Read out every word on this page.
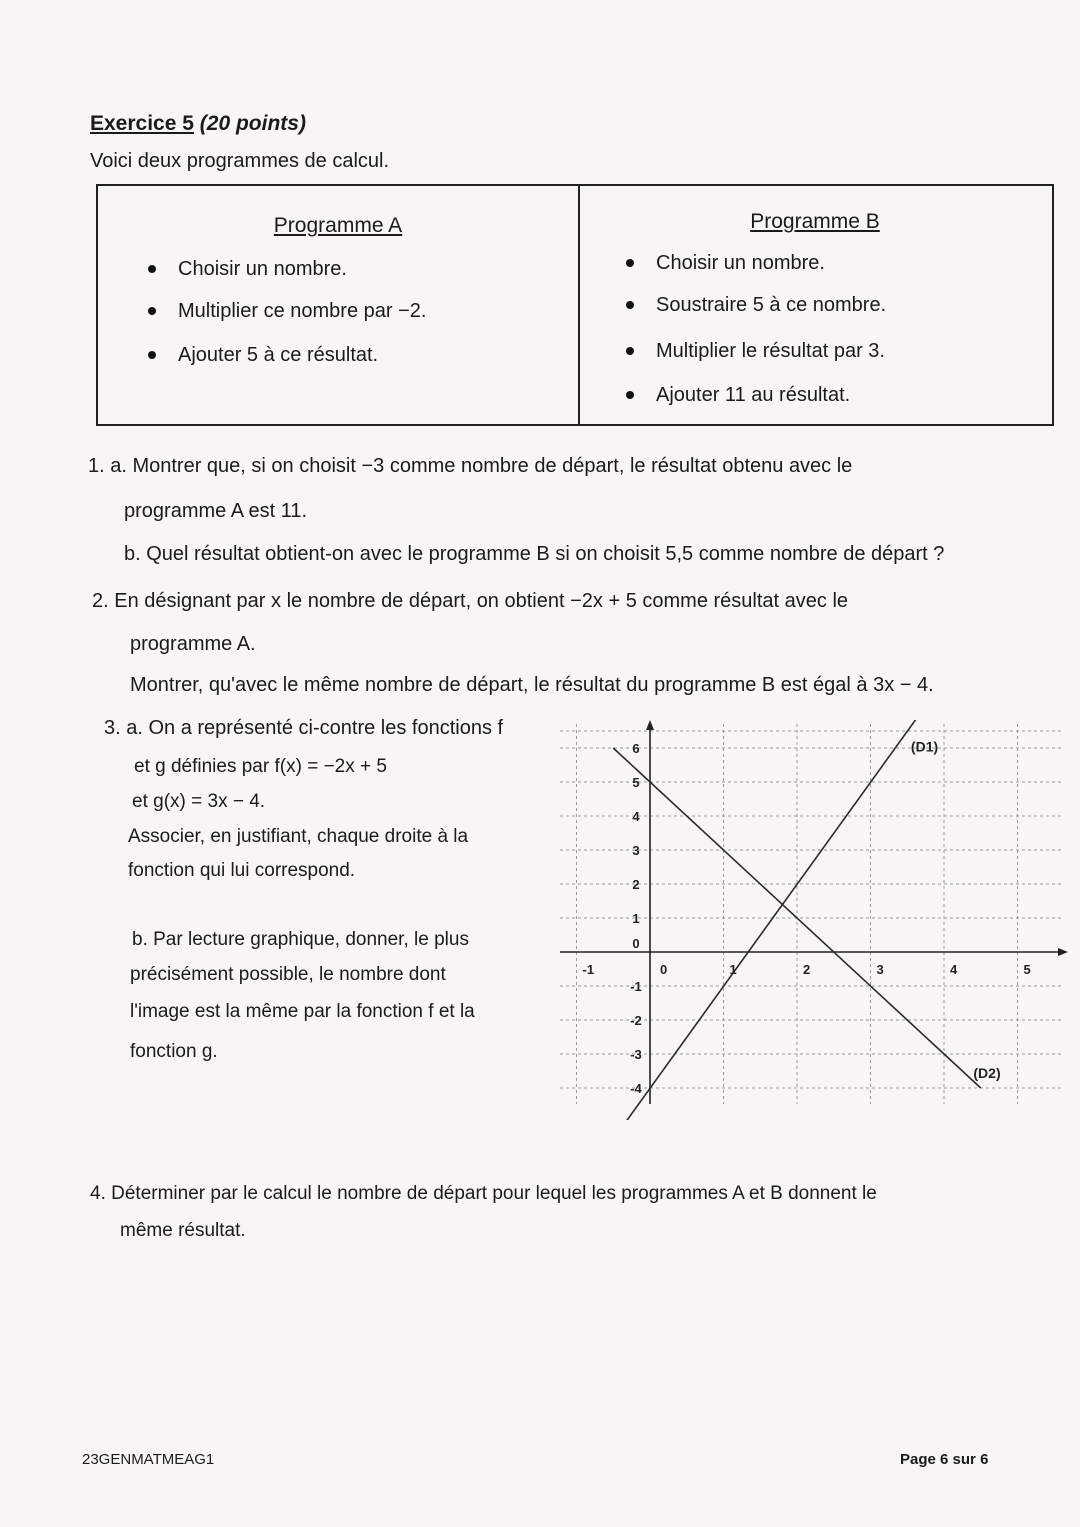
Exercice 5 (20 points)
Voici deux programmes de calcul.
Programme A
Choisir un nombre.
Multiplier ce nombre par −2.
Ajouter 5 à ce résultat.
Programme B
Choisir un nombre.
Soustraire 5 à ce nombre.
Multiplier le résultat par 3.
Ajouter 11 au résultat.
1. a. Montrer que, si on choisit −3 comme nombre de départ, le résultat obtenu avec le
programme A est 11.
b. Quel résultat obtient-on avec le programme B si on choisit 5,5 comme nombre de départ ?
2. En désignant par x le nombre de départ, on obtient −2x + 5 comme résultat avec le
programme A.
Montrer, qu'avec le même nombre de départ, le résultat du programme B est égal à 3x − 4.
3. a. On a représenté ci-contre les fonctions f
et g définies par f(x) = −2x + 5
et g(x) = 3x − 4.
Associer, en justifiant, chaque droite à la
fonction qui lui correspond.
b. Par lecture graphique, donner, le plus
précisément possible, le nombre dont
l'image est la même par la fonction f et la
fonction g.
-1	0	1	2	3	4	5
-4
-3
-2
-1
0
1
2
3
4
5
6	(D1)
(D2)
4. Déterminer par le calcul le nombre de départ pour lequel les programmes A et B donnent le
même résultat.
23GENMATMEAG1	Page 6 sur 6
